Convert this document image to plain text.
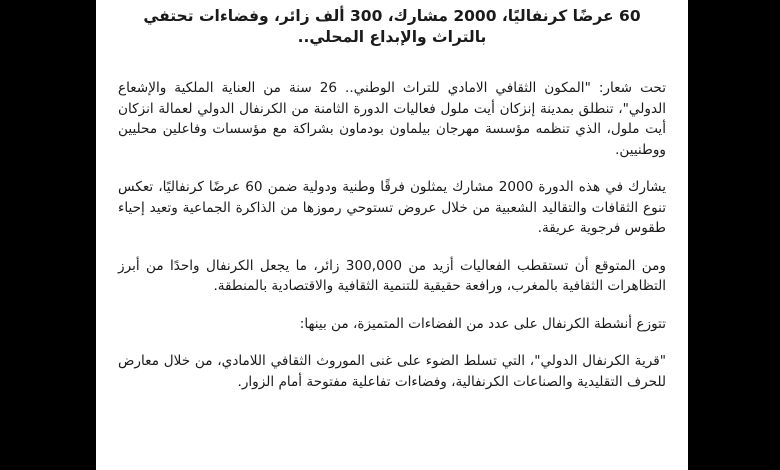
60 عرضًا كرنفاليًا، 2000 مشارك، 300 ألف زائر، وفضاءات تحتفي بالتراث والإبداع المحلي..

تحت شعار: "المكون الثقافي الامادي للتراث الوطني.. 26 سنة من العناية الملكية والإشعاع الدولي"، تنطلق بمدينة إنزكان أيت ملول فعاليات الدورة الثامنة من الكرنفال الدولي لعمالة انزكان أيت ملول، الذي تنظمه مؤسسة مهرجان بيلماون بودماون بشراكة مع مؤسسات وفاعلين محليين ووطنيين.

يشارك في هذه الدورة 2000 مشارك يمثلون فرقًا وطنية ودولية ضمن 60 عرضًا كرنفاليًا، تعكس تنوع الثقافات والتقاليد الشعبية من خلال عروض تستوحي رموزها من الذاكرة الجماعية وتعيد إحياء طقوس فرجوية عريقة.

ومن المتوقع أن تستقطب الفعاليات أزيد من 300,000 زائر، ما يجعل الكرنفال واحدًا من أبرز التظاهرات الثقافية بالمغرب، ورافعة حقيقية للتنمية الثقافية والاقتصادية بالمنطقة.

تتوزع أنشطة الكرنفال على عدد من الفضاءات المتميزة، من بينها:

"قرية الكرنفال الدولي"، التي تسلط الضوء على غنى الموروث الثقافي اللامادي، من خلال معارض للحرف التقليدية والصناعات الكرنفالية، وفضاءات تفاعلية مفتوحة أمام الزوار.
